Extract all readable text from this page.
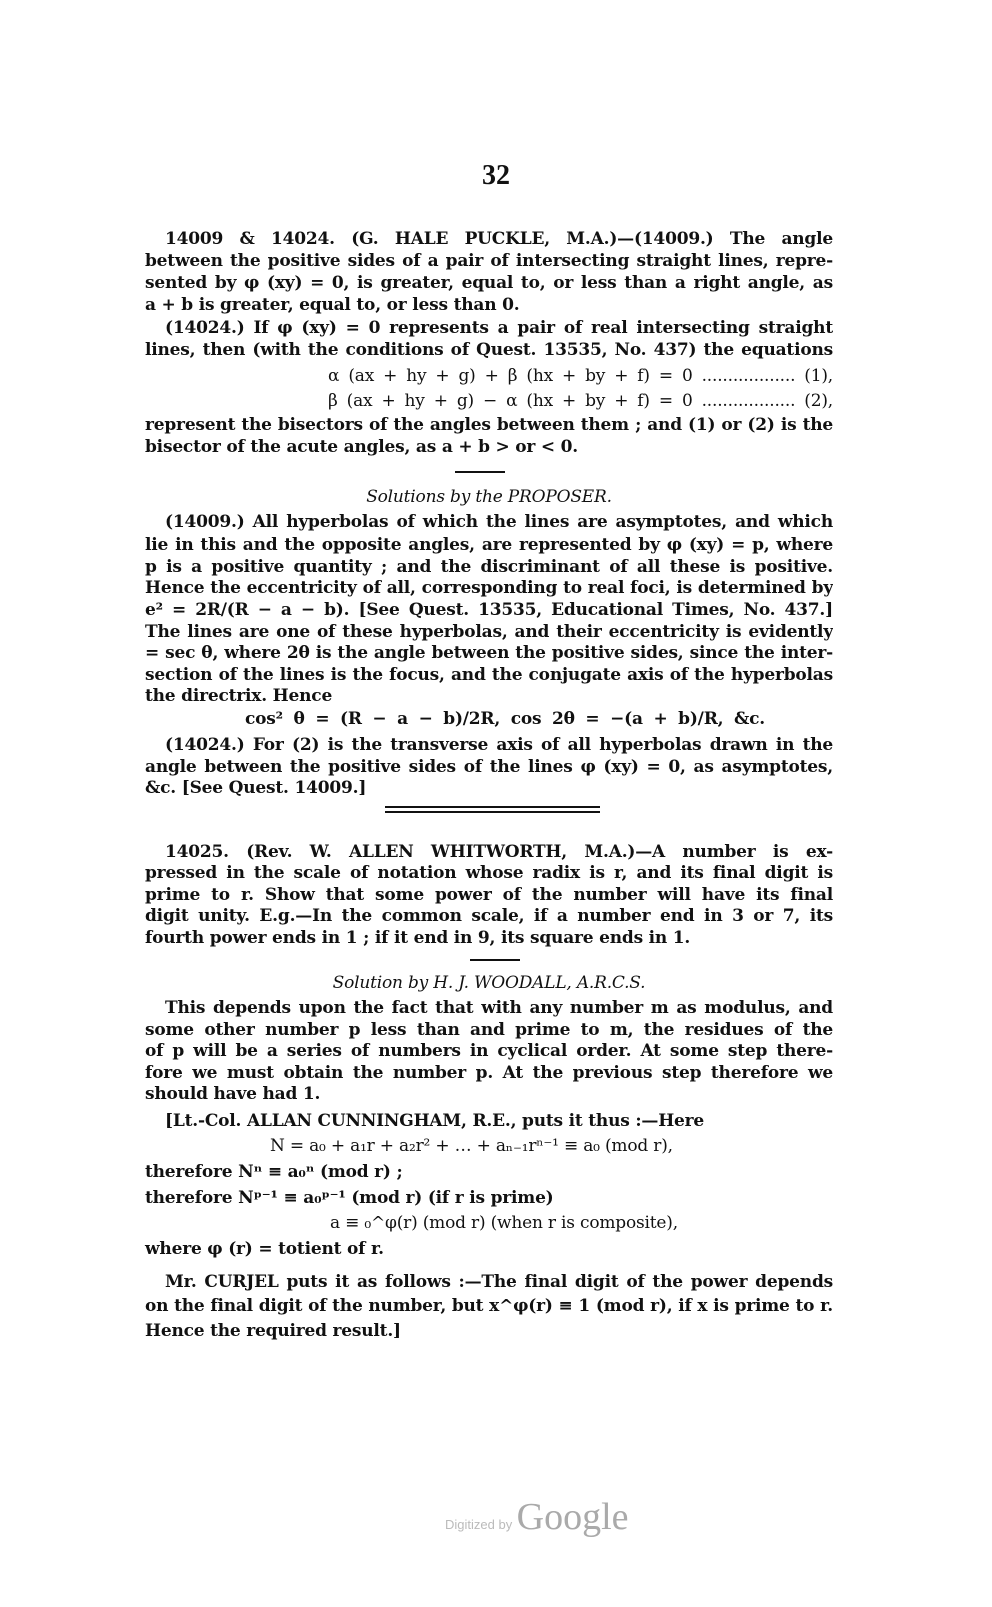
32
14009 & 14024. (G. HALE PUCKLE, M.A.)—(14009.) The angle
between the positive sides of a pair of intersecting straight lines, repre-
sented by φ (xy) = 0, is greater, equal to, or less than a right angle, as
a + b is greater, equal to, or less than 0.
(14024.) If φ (xy) = 0 represents a pair of real intersecting straight
lines, then (with the conditions of Quest. 13535, No. 437) the equations
α (ax + hy + g) + β (hx + by + f) = 0 .................. (1),
β (ax + hy + g) − α (hx + by + f) = 0 .................. (2),
represent the bisectors of the angles between them ; and (1) or (2) is the
bisector of the acute angles, as a + b > or < 0.
Solutions by the PROPOSER.
(14009.) All hyperbolas of which the lines are asymptotes, and which
lie in this and the opposite angles, are represented by φ (xy) = p, where
p is a positive quantity ; and the discriminant of all these is positive.
Hence the eccentricity of all, corresponding to real foci, is determined by
e² = 2R/(R − a − b). [See Quest. 13535, Educational Times, No. 437.]
The lines are one of these hyperbolas, and their eccentricity is evidently
= sec θ, where 2θ is the angle between the positive sides, since the inter-
section of the lines is the focus, and the conjugate axis of the hyperbolas
the directrix. Hence
cos² θ = (R − a − b)/2R, cos 2θ = −(a + b)/R, &c.
(14024.) For (2) is the transverse axis of all hyperbolas drawn in the
angle between the positive sides of the lines φ (xy) = 0, as asymptotes,
&c. [See Quest. 14009.]
14025. (Rev. W. ALLEN WHITWORTH, M.A.)—A number is ex-
pressed in the scale of notation whose radix is r, and its final digit is
prime to r. Show that some power of the number will have its final
digit unity. E.g.—In the common scale, if a number end in 3 or 7, its
fourth power ends in 1 ; if it end in 9, its square ends in 1.
Solution by H. J. WOODALL, A.R.C.S.
This depends upon the fact that with any number m as modulus, and
some other number p less than and prime to m, the residues of the
of p will be a series of numbers in cyclical order. At some step there-
fore we must obtain the number p. At the previous step therefore we
should have had 1.
[Lt.-Col. ALLAN CUNNINGHAM, R.E., puts it thus :—Here
N = a₀ + a₁r + a₂r² + … + aₙ₋₁rⁿ⁻¹ ≡ a₀ (mod r),
therefore Nⁿ ≡ a₀ⁿ (mod r) ;
therefore Nᵖ⁻¹ ≡ a₀ᵖ⁻¹ (mod r) (if r is prime)
a ≡ ₀^φ(r) (mod r) (when r is composite),
where φ (r) = totient of r.
Mr. CURJEL puts it as follows :—The final digit of the power depends
on the final digit of the number, but x^φ(r) ≡ 1 (mod r), if x is prime to r.
Hence the required result.]
Digitized by Google
